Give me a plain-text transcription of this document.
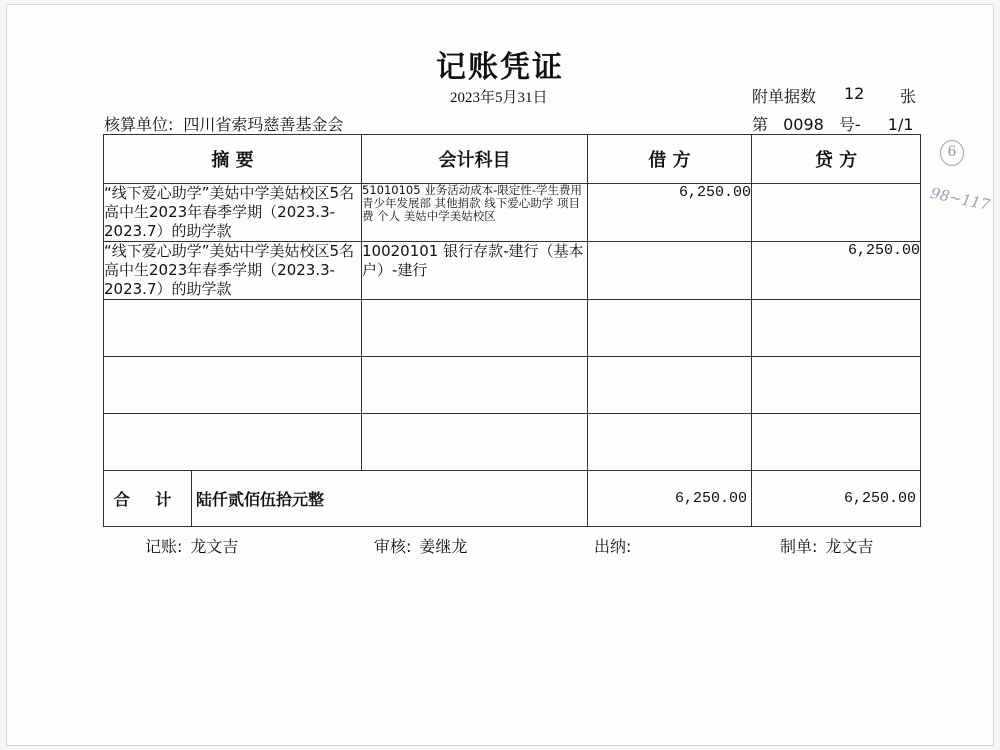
记账凭证
2023年5月31日	附单据数 12 张
核算单位: 四川省索玛慈善基金会	第 0098 号- 1/1
摘 要		会计科目	借 方	贷 方
“线下爱心助学”美姑中学美姑校区5名高中生2023年春季学期（2023.3-2023.7）的助学款		51010105 业务活动成本-限定性-学生费用 青少年发展部 其他捐款 线下爱心助学 项目费 个人 美姑中学美姑校区	6,250.00	
“线下爱心助学”美姑中学美姑校区5名高中生2023年春季学期（2023.3-2023.7）的助学款		10020101 银行存款-建行（基本户）-建行		6,250.00

合 计	陆仟贰佰伍拾元整		6,250.00	6,250.00
记账: 龙文吉	审核: 姜继龙	出纳:	制单: 龙文吉
6
98~117
